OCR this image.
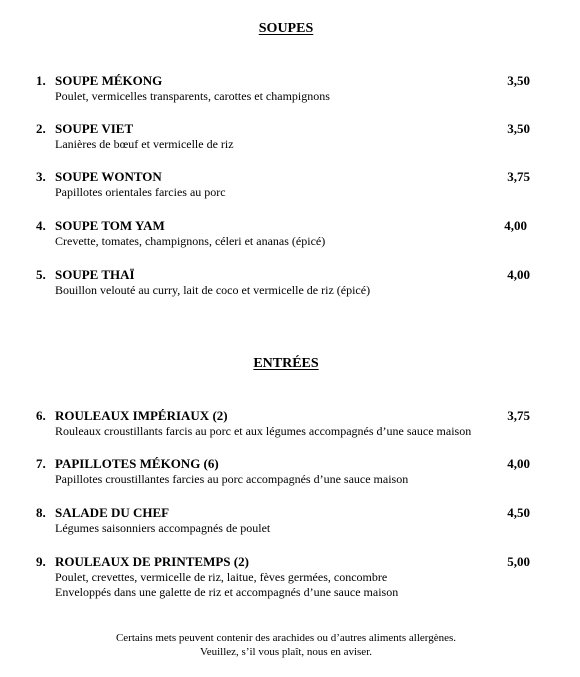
SOUPES
1. SOUPE MÉKONG	3,50
Poulet, vermicelles transparents, carottes et champignons
2. SOUPE VIET	3,50
Lanières de bœuf et vermicelle de riz
3. SOUPE WONTON	3,75
Papillotes orientales farcies au porc
4. SOUPE TOM YAM	4,00
Crevette, tomates, champignons, céleri et ananas (épicé)
5. SOUPE THAÏ	4,00
Bouillon velouté au curry, lait de coco et vermicelle de riz (épicé)
ENTRÉES
6. ROULEAUX IMPÉRIAUX (2)	3,75
Rouleaux croustillants farcis au porc et aux légumes accompagnés d’une sauce maison
7. PAPILLOTES MÉKONG (6)	4,00
Papillotes croustillantes farcies au porc accompagnés d’une sauce maison
8. SALADE DU CHEF	4,50
Légumes saisonniers accompagnés de poulet
9. ROULEAUX DE PRINTEMPS (2)	5,00
Poulet, crevettes, vermicelle de riz, laitue, fèves germées, concombre
Enveloppés dans une galette de riz et accompagnés d’une sauce maison
Certains mets peuvent contenir des arachides ou d’autres aliments allergènes.
Veuillez, s’il vous plaît, nous en aviser.
